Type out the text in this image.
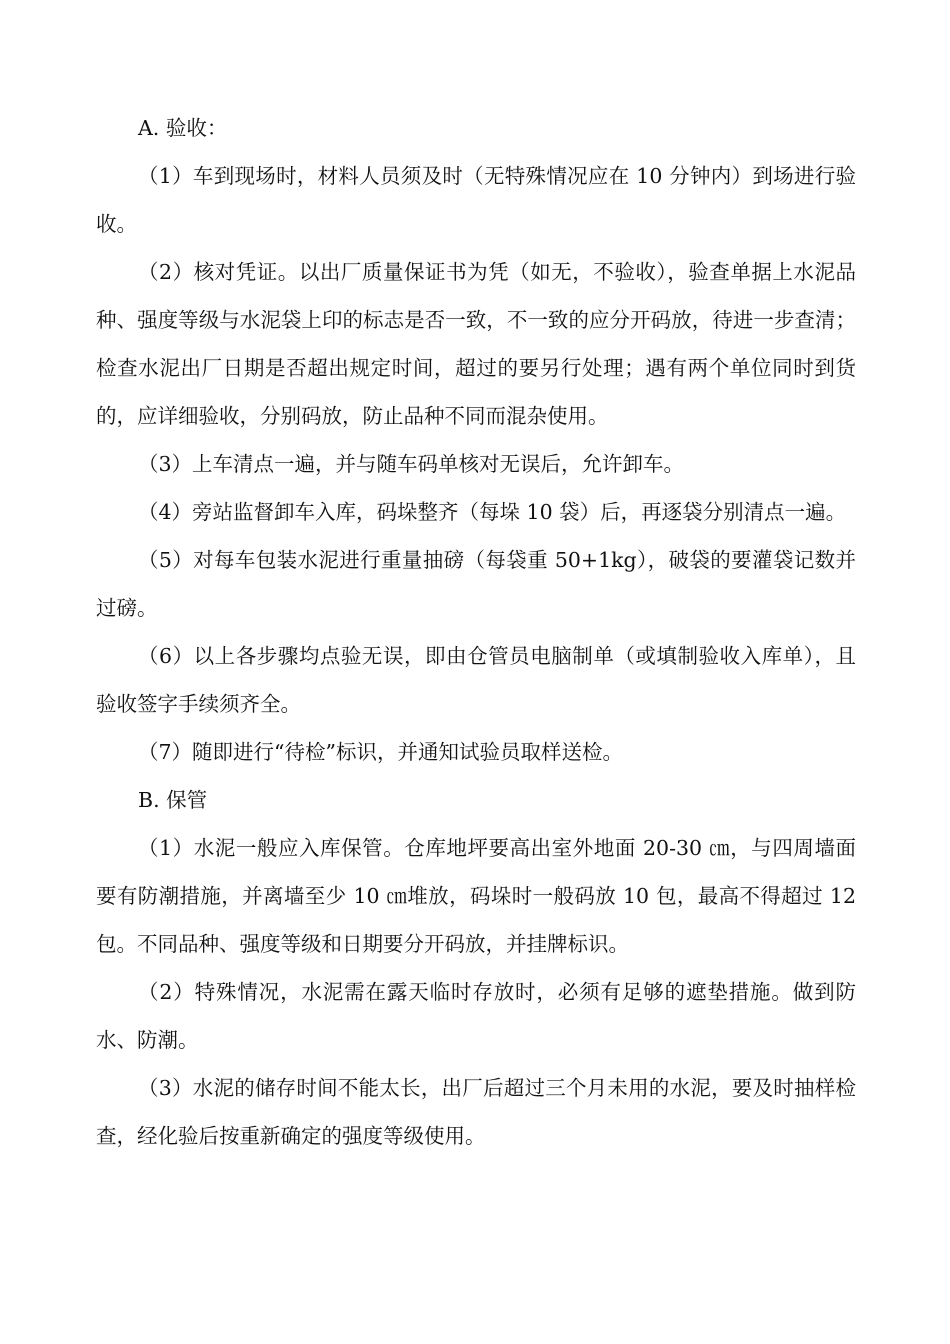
A. 验收：

（1）车到现场时，材料人员须及时（无特殊情况应在 10 分钟内）到场进行验收。

（2）核对凭证。以出厂质量保证书为凭（如无，不验收），验查单据上水泥品种、强度等级与水泥袋上印的标志是否一致，不一致的应分开码放，待进一步查清；检查水泥出厂日期是否超出规定时间，超过的要另行处理；遇有两个单位同时到货的，应详细验收，分别码放，防止品种不同而混杂使用。

（3）上车清点一遍，并与随车码单核对无误后，允许卸车。

（4）旁站监督卸车入库，码垛整齐（每垛 10 袋）后，再逐袋分别清点一遍。

（5）对每车包装水泥进行重量抽磅（每袋重 50+1kg），破袋的要灌袋记数并过磅。

（6）以上各步骤均点验无误，即由仓管员电脑制单（或填制验收入库单），且验收签字手续须齐全。

（7）随即进行“待检”标识，并通知试验员取样送检。

B. 保管

（1）水泥一般应入库保管。仓库地坪要高出室外地面 20-30 ㎝，与四周墙面要有防潮措施，并离墙至少 10 ㎝堆放，码垛时一般码放 10 包，最高不得超过 12 包。不同品种、强度等级和日期要分开码放，并挂牌标识。

（2）特殊情况，水泥需在露天临时存放时，必须有足够的遮垫措施。做到防水、防潮。

（3）水泥的储存时间不能太长，出厂后超过三个月未用的水泥，要及时抽样检查，经化验后按重新确定的强度等级使用。
